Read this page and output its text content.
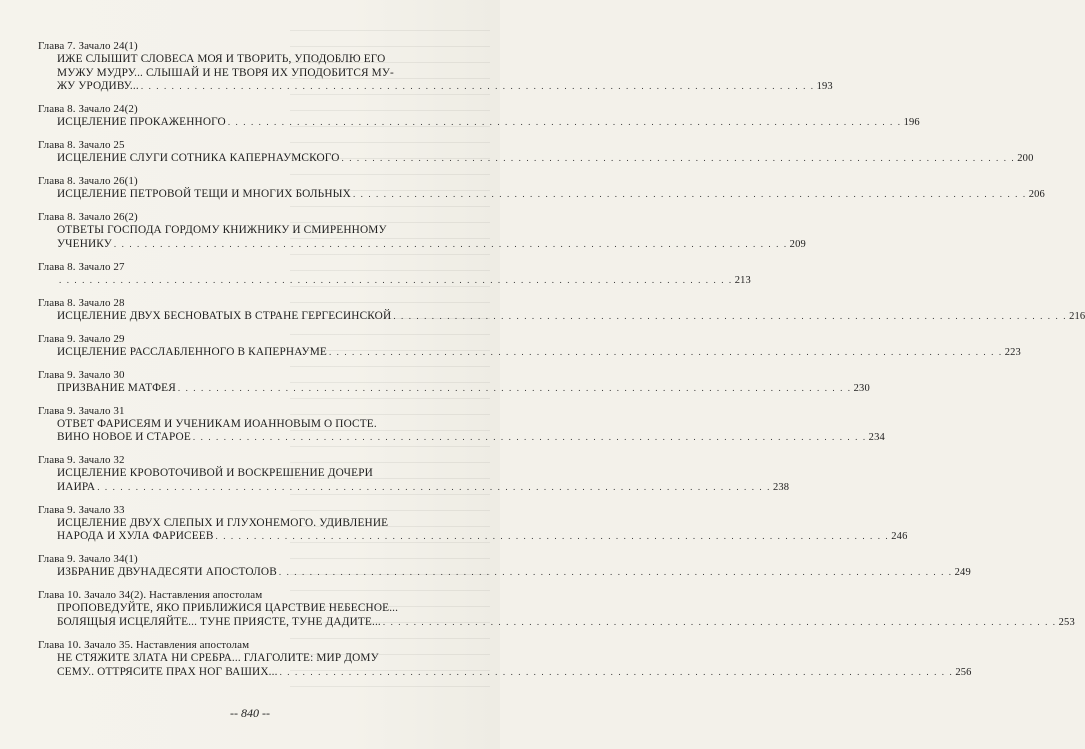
Глава 7. Зачало 24(1)
ИЖЕ СЛЫШИТ СЛОВЕСА МОЯ И ТВОРИТЬ, УПОДОБЛЮ ЕГО
МУЖУ МУДРУ... СЛЫШАЙ И НЕ ТВОРЯ ИХ УПОДОБИТСЯ МУ-
ЖУ УРОДИВУ... . . . . . . . . . . . . . . . . . . . . . . . . . . . . . . . . . . . . . . . . . . . . . . . . . . . . . . . . . . . . . . . . . . . . . . . . . . . . . . . . . . . . . . . . 193
Глава 8. Зачало 24(2)
ИСЦЕЛЕНИЕ ПРОКАЖЕННОГО . . . . . . . . . . . . . . . . . . . . . . . . . . . . . . . . . . . . . . . . . . . . . . . . . . . . . . . . . . . . . . . . . . . . . . . . . . . . . . . . . . . . . . . . 196
Глава 8. Зачало 25
ИСЦЕЛЕНИЕ СЛУГИ СОТНИКА КАПЕРНАУМСКОГО . . . . . . . . . . . . . . . . . . . . . . . . . . . . . . . . . . . . . . . . . . . . . . . . . . . . . . . . . . . . . . . . . . . . . . . . . . . . . . . . . . . . . . . . 200
Глава 8. Зачало 26(1)
ИСЦЕЛЕНИЕ ПЕТРОВОЙ ТЕЩИ И МНОГИХ БОЛЬНЫХ . . . . . . . . . . . . . . . . . . . . . . . . . . . . . . . . . . . . . . . . . . . . . . . . . . . . . . . . . . . . . . . . . . . . . . . . . . . . . . . . . . . . . . . . 206
Глава 8. Зачало 26(2)
ОТВЕТЫ ГОСПОДА ГОРДОМУ КНИЖНИКУ И СМИРЕННОМУ
УЧЕНИКУ . . . . . . . . . . . . . . . . . . . . . . . . . . . . . . . . . . . . . . . . . . . . . . . . . . . . . . . . . . . . . . . . . . . . . . . . . . . . . . . . . . . . . . . . 209
Глава 8. Зачало 27
. . . . . . . . . . . . . . . . . . . . . . . . . . . . . . . . . . . . . . . . . . . . . . . . . . . . . . . . . . . . . . . . . . . . . . . . . . . . . . . . . . . . . . . . 213
Глава 8. Зачало 28
ИСЦЕЛЕНИЕ ДВУХ БЕСНОВАТЫХ В СТРАНЕ ГЕРГЕСИНСКОЙ . . . . . . . . . . . . . . . . . . . . . . . . . . . . . . . . . . . . . . . . . . . . . . . . . . . . . . . . . . . . . . . . . . . . . . . . . . . . . . . . . . . . . . . . 216
Глава 9. Зачало 29
ИСЦЕЛЕНИЕ РАССЛАБЛЕННОГО В КАПЕРНАУМЕ . . . . . . . . . . . . . . . . . . . . . . . . . . . . . . . . . . . . . . . . . . . . . . . . . . . . . . . . . . . . . . . . . . . . . . . . . . . . . . . . . . . . . . . . 223
Глава 9. Зачало 30
ПРИЗВАНИЕ МАТФЕЯ . . . . . . . . . . . . . . . . . . . . . . . . . . . . . . . . . . . . . . . . . . . . . . . . . . . . . . . . . . . . . . . . . . . . . . . . . . . . . . . . . . . . . . . . 230
Глава 9. Зачало 31
ОТВЕТ ФАРИСЕЯМ И УЧЕНИКАМ ИОАННОВЫМ О ПОСТЕ.
ВИНО НОВОЕ И СТАРОЕ . . . . . . . . . . . . . . . . . . . . . . . . . . . . . . . . . . . . . . . . . . . . . . . . . . . . . . . . . . . . . . . . . . . . . . . . . . . . . . . . . . . . . . . . 234
Глава 9. Зачало 32
ИСЦЕЛЕНИЕ КРОВОТОЧИВОЙ И ВОСКРЕШЕНИЕ ДОЧЕРИ
ИАИРА . . . . . . . . . . . . . . . . . . . . . . . . . . . . . . . . . . . . . . . . . . . . . . . . . . . . . . . . . . . . . . . . . . . . . . . . . . . . . . . . . . . . . . . . 238
Глава 9. Зачало 33
ИСЦЕЛЕНИЕ ДВУХ СЛЕПЫХ И ГЛУХОНЕМОГО. УДИВЛЕНИЕ
НАРОДА И ХУЛА ФАРИСЕЕВ . . . . . . . . . . . . . . . . . . . . . . . . . . . . . . . . . . . . . . . . . . . . . . . . . . . . . . . . . . . . . . . . . . . . . . . . . . . . . . . . . . . . . . . . 246
Глава 9. Зачало 34(1)
ИЗБРАНИЕ ДВУНАДЕСЯТИ АПОСТОЛОВ . . . . . . . . . . . . . . . . . . . . . . . . . . . . . . . . . . . . . . . . . . . . . . . . . . . . . . . . . . . . . . . . . . . . . . . . . . . . . . . . . . . . . . . . 249
Глава 10. Зачало 34(2). Наставления апостолам
ПРОПОВЕДУЙТЕ, ЯКО ПРИБЛИЖИСЯ ЦАРСТВИЕ НЕБЕСНОЕ...
БОЛЯЩЫЯ ИСЦЕЛЯЙТЕ... ТУНЕ ПРИЯСТЕ, ТУНЕ ДАДИТЕ... . . . . . . . . . . . . . . . . . . . . . . . . . . . . . . . . . . . . . . . . . . . . . . . . . . . . . . . . . . . . . . . . . . . . . . . . . . . . . . . . . . . . . . . . 253
Глава 10. Зачало 35. Наставления апостолам
НЕ СТЯЖИТЕ ЗЛАТА НИ СРЕБРА... ГЛАГОЛИТЕ: МИР ДОМУ
СЕМУ.. ОТТРЯСИТЕ ПРАХ НОГ ВАШИХ... . . . . . . . . . . . . . . . . . . . . . . . . . . . . . . . . . . . . . . . . . . . . . . . . . . . . . . . . . . . . . . . . . . . . . . . . . . . . . . . . . . . . . . . . 256
-- 840 --
